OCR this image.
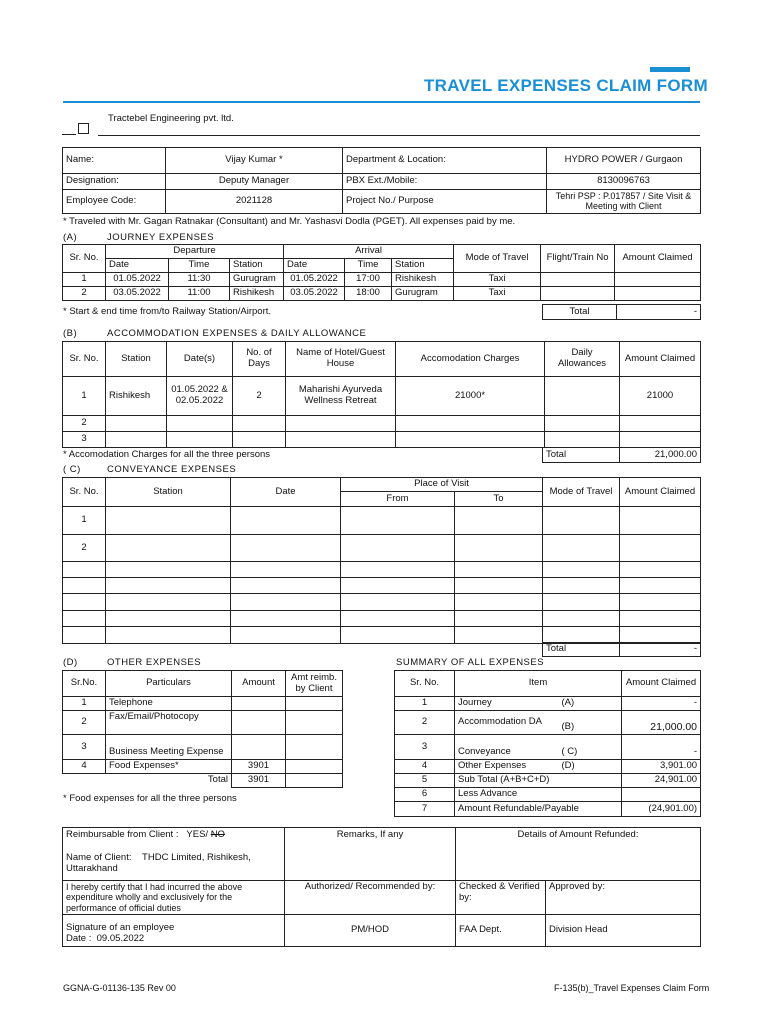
TRAVEL EXPENSES CLAIM FORM
Tractebel Engineering pvt. ltd.
Name:	Vijay Kumar *	Department & Location:	HYDRO POWER / Gurgaon
Designation:	Deputy Manager	PBX Ext./Mobile:	8130096763
Employee Code:	2021128	Project No./ Purpose	Tehri PSP : P.017857 / Site Visit & Meeting with Client
* Traveled with Mr. Gagan Ratnakar (Consultant) and Mr. Yashasvi Dodla (PGET). All expenses paid by me.
(A)	JOURNEY EXPENSES
Sr. No.	Departure			Arrival			Mode of Travel	Flight/Train No	Amount Claimed
	Date	Time	Station	Date	Time	Station			
1	01.05.2022	11:30	Gurugram	01.05.2022	17:00	Rishikesh	Taxi		
2	03.05.2022	11:00	Rishikesh	03.05.2022	18:00	Gurugram	Taxi		
* Start & end time from/to Railway Station/Airport.	Total	-
(B)	ACCOMMODATION EXPENSES & DAILY ALLOWANCE
Sr. No.	Station	Date(s)	No. of Days	Name of Hotel/Guest House	Accomodation Charges	Daily Allowances	Amount Claimed
1	Rishikesh	01.05.2022 & 02.05.2022	2	Maharishi Ayurveda Wellness Retreat	21000*		21000
2							
3							
* Accomodation Charges for all the three persons	Total	21,000.00
( C)	CONVEYANCE EXPENSES
Sr. No.	Station	Date	Place of Visit		Mode of Travel	Amount Claimed
			From	To		
1						
2						

Total	-
(D)	OTHER EXPENSES
Sr.No.	Particulars	Amount	Amt reimb. by Client
1	Telephone		
2	Fax/Email/Photocopy		
3	Business Meeting Expense		
4	Food Expenses*	3901	
	Total	3901	
* Food expenses for all the three persons
SUMMARY OF ALL EXPENSES
Sr. No.	Item		Amount Claimed
1	Journey	(A)	-
2	Accommodation DA	(B)	21,000.00
3	Conveyance	( C)	-
4	Other Expenses	(D)	3,901.00
5	Sub Total (A+B+C+D)		24,901.00
6	Less Advance		
7	Amount Refundable/Payable		(24,901.00)
Reimbursable from Client : YES/ NO
Name of Client: THDC Limited, Rishikesh, Uttarakhand	Remarks, If any	Details of Amount Refunded:	
I hereby certify that I had incurred the above expenditure wholly and exclusively for the performance of official duties	Authorized/ Recommended by:	Checked & Verified by:	Approved by:

Signature of an employee
Date : 09.05.2022	PM/HOD	FAA Dept.	Division Head
GGNA-G-01136-135 Rev 00	F-135(b)_Travel Expenses Claim Form
